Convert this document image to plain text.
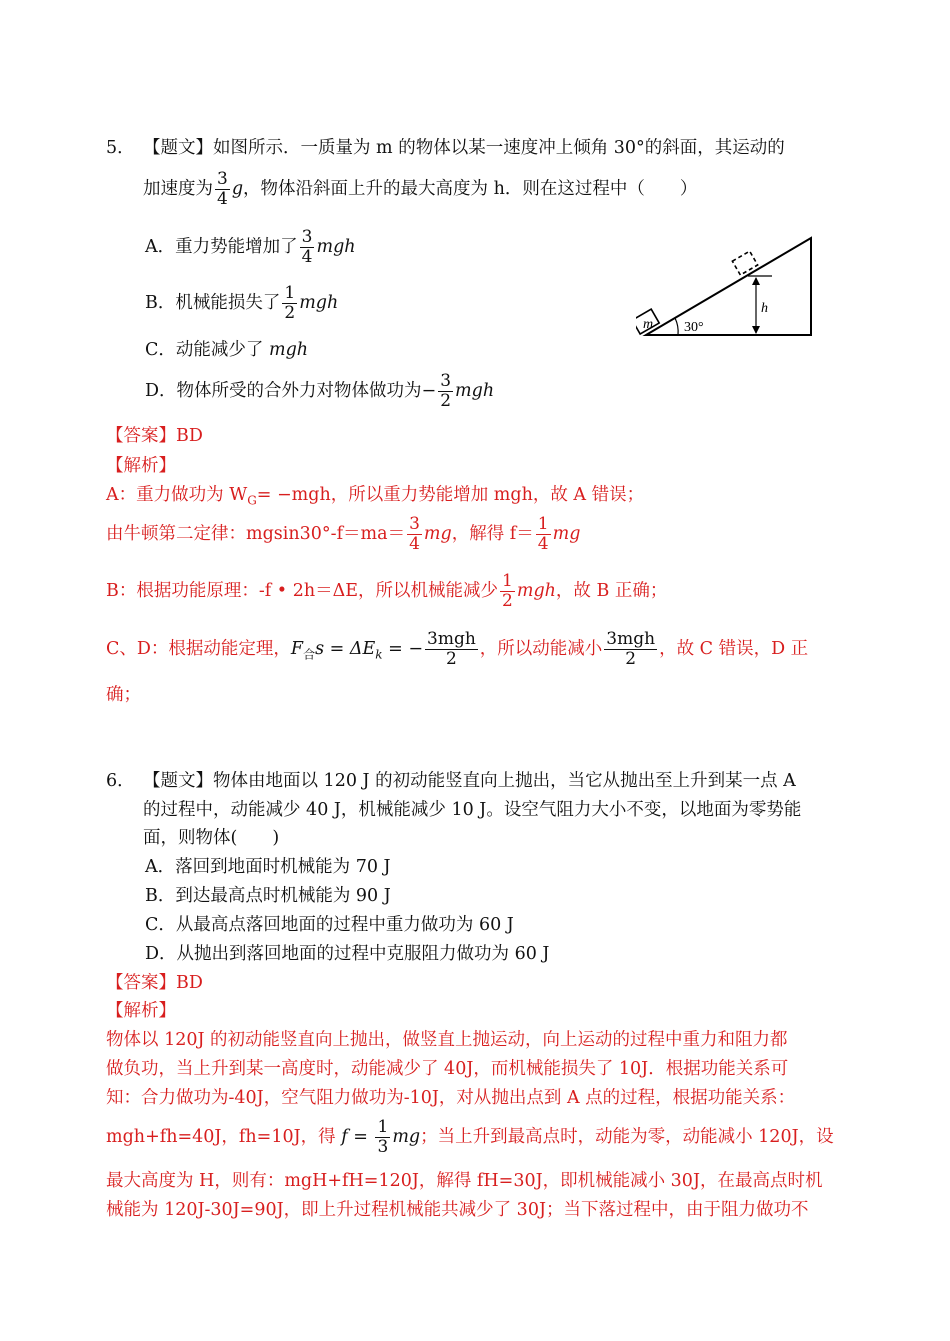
5． 【题文】如图所示．一质量为 m 的物体以某一速度冲上倾角 30°的斜面，其运动的
加速度为 $\frac{3}{4}$ g，物体沿斜面上升的最大高度为 h．则在这过程中（　　）
A．重力势能增加了 $\frac{3}{4}$ mgh
B．机械能损失了 $\frac{1}{2}$ mgh
C．动能减少了 mgh
D．物体所受的合外力对物体做功为− $\frac{3}{2}$ mgh
m 30°
h
【答案】BD
【解析】
A：重力做功为 $W_G= -mgh$，所以重力势能增加 mgh，故 A 错误；
由牛顿第二定律：$mgsin30^\circ-f=ma= \frac{3}{4}$ mg，解得 $f= \frac{1}{4}$ mg
B：根据功能原理：-f • 2h＝ΔE，所以机械能减少 $\frac{1}{2}$ mgh，故 B 正确；
C、D：根据动能定理，$F_合s = \Delta E_k$ = − $\frac{\text{3mgh}}{2}$ ，所以动能减小 $\frac{\text{3mgh}}{2}$ ，故 C 错误，D 正
确；
6． 【题文】物体由地面以 120 J 的初动能竖直向上抛出，当它从抛出至上升到某一点 A
的过程中，动能减少 40 J，机械能减少 10 J。设空气阻力大小不变，以地面为零势能
面，则物体(　　)
A．落回到地面时机械能为 70 J
B．到达最高点时机械能为 90 J
C．从最高点落回地面的过程中重力做功为 60 J
D．从抛出到落回地面的过程中克服阻力做功为 60 J
【答案】BD
【解析】
物体以 120J 的初动能竖直向上抛出，做竖直上抛运动，向上运动的过程中重力和阻力都
做负功，当上升到某一高度时，动能减少了 40J，而机械能损失了 10J．根据功能关系可
知：合力做功为-40J，空气阻力做功为-10J，对从抛出点到 A 点的过程，根据功能关系：
mgh+fh=40J，fh=10J，得 $f = \frac{1}{3}$ mg；当上升到最高点时，动能为零，动能减小 120J，设
最大高度为 H，则有：mgH+fH=120J，解得 fH=30J，即机械能减小 30J，在最高点时机
械能为 120J-30J=90J，即上升过程机械能共减少了 30J；当下落过程中，由于阻力做功不
